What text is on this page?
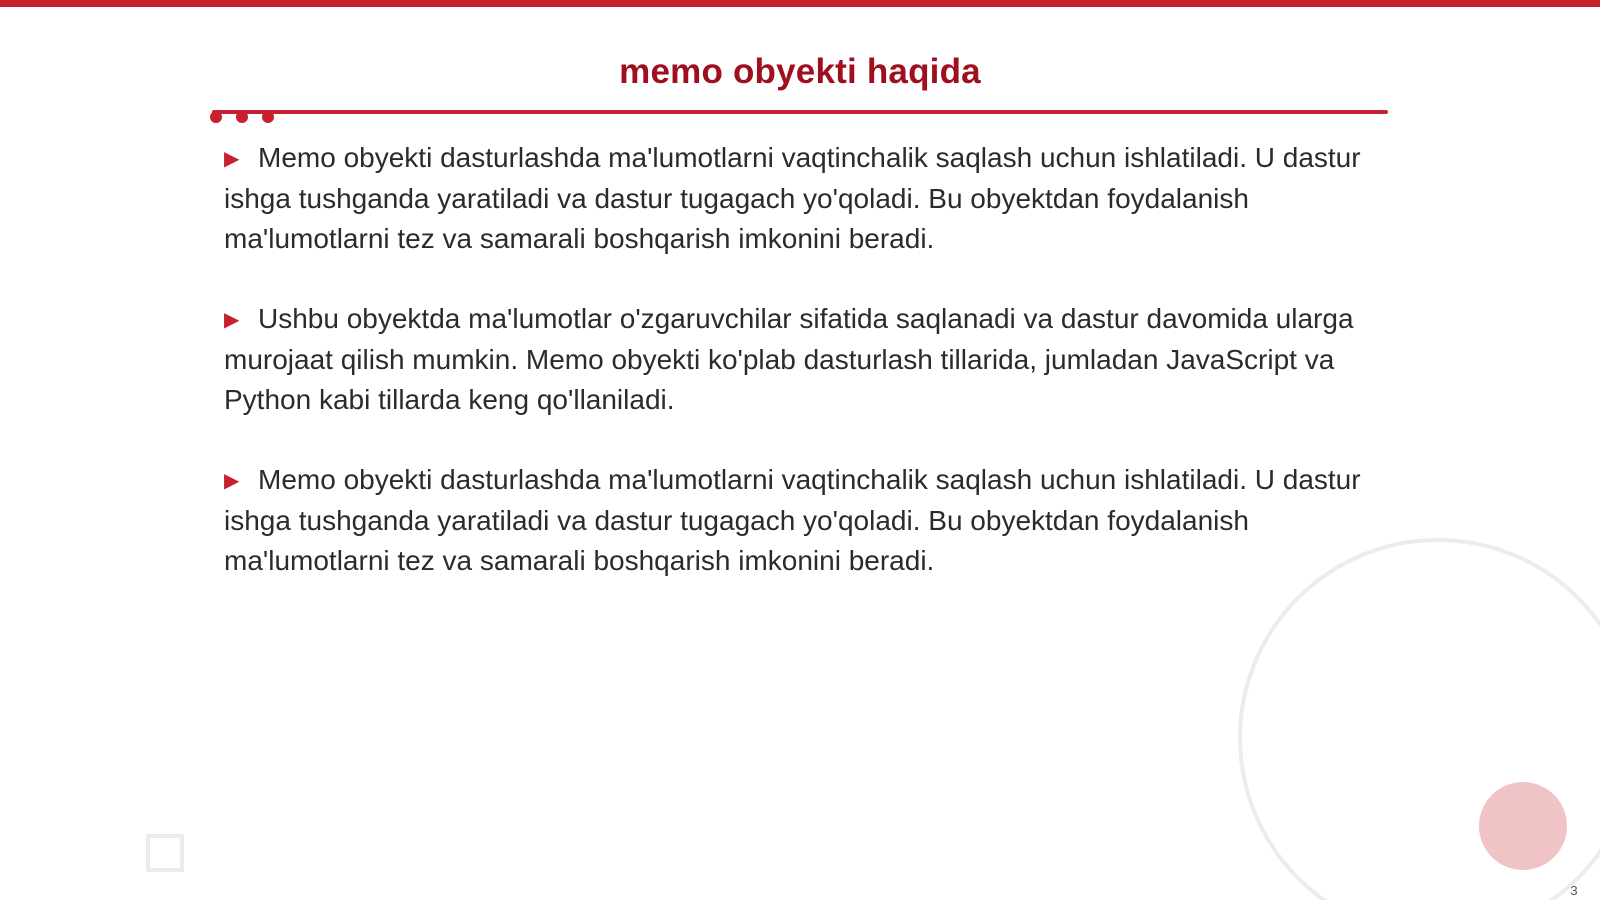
memo obyekti haqida

▶ Memo obyekti dasturlashda ma'lumotlarni vaqtinchalik saqlash uchun ishlatiladi. U dastur ishga tushganda yaratiladi va dastur tugagach yo'qoladi. Bu obyektdan foydalanish ma'lumotlarni tez va samarali boshqarish imkonini beradi.

▶ Ushbu obyektda ma'lumotlar o'zgaruvchilar sifatida saqlanadi va dastur davomida ularga murojaat qilish mumkin. Memo obyekti ko'plab dasturlash tillarida, jumladan JavaScript va Python kabi tillarda keng qo'llaniladi.

▶ Memo obyekti dasturlashda ma'lumotlarni vaqtinchalik saqlash uchun ishlatiladi. U dastur ishga tushganda yaratiladi va dastur tugagach yo'qoladi. Bu obyektdan foydalanish ma'lumotlarni tez va samarali boshqarish imkonini beradi.

3
